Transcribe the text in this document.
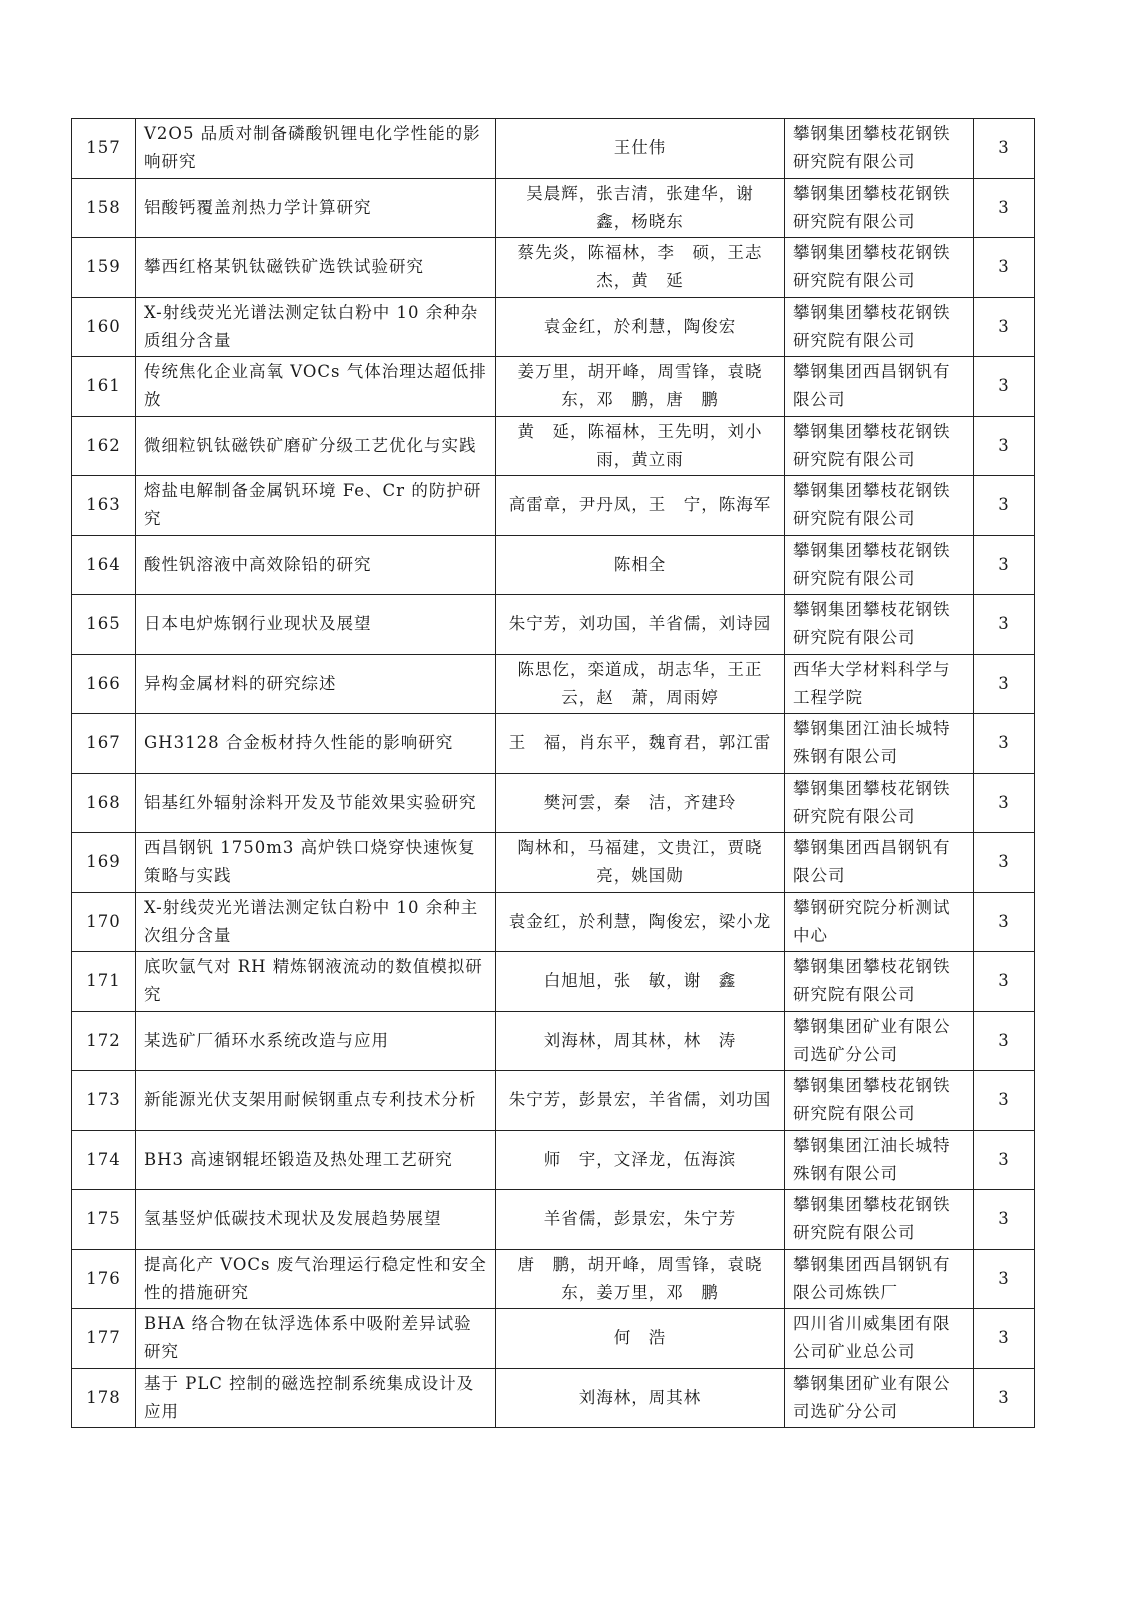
157	V2O5 品质对制备磷酸钒锂电化学性能的影响研究	王仕伟	攀钢集团攀枝花钢铁研究院有限公司	3
158	铝酸钙覆盖剂热力学计算研究	吴晨辉，张吉清，张建华，谢　鑫，杨晓东	攀钢集团攀枝花钢铁研究院有限公司	3
159	攀西红格某钒钛磁铁矿选铁试验研究	蔡先炎，陈福林，李　硕，王志杰，黄　延	攀钢集团攀枝花钢铁研究院有限公司	3
160	X-射线荧光光谱法测定钛白粉中 10 余种杂质组分含量	袁金红，於利慧，陶俊宏	攀钢集团攀枝花钢铁研究院有限公司	3
161	传统焦化企业高氧 VOCs 气体治理达超低排放	姜万里，胡开峰，周雪锋，袁晓东，邓　鹏，唐　鹏	攀钢集团西昌钢钒有限公司	3
162	微细粒钒钛磁铁矿磨矿分级工艺优化与实践	黄　延，陈福林，王先明，刘小雨，黄立雨	攀钢集团攀枝花钢铁研究院有限公司	3
163	熔盐电解制备金属钒环境 Fe、Cr 的防护研究	高雷章，尹丹凤，王　宁，陈海军	攀钢集团攀枝花钢铁研究院有限公司	3
164	酸性钒溶液中高效除铅的研究	陈相全	攀钢集团攀枝花钢铁研究院有限公司	3
165	日本电炉炼钢行业现状及展望	朱宁芳，刘功国，羊省儒，刘诗园	攀钢集团攀枝花钢铁研究院有限公司	3
166	异构金属材料的研究综述	陈思仡，栾道成，胡志华，王正云，赵　萧，周雨婷	西华大学材料科学与工程学院	3
167	GH3128 合金板材持久性能的影响研究	王　福，肖东平，魏育君，郭江雷	攀钢集团江油长城特殊钢有限公司	3
168	铝基红外辐射涂料开发及节能效果实验研究	樊河雲，秦　洁，齐建玲	攀钢集团攀枝花钢铁研究院有限公司	3
169	西昌钢钒 1750m3 高炉铁口烧穿快速恢复策略与实践	陶林和，马福建，文贵江，贾晓亮，姚国勋	攀钢集团西昌钢钒有限公司	3
170	X-射线荧光光谱法测定钛白粉中 10 余种主次组分含量	袁金红，於利慧，陶俊宏，梁小龙	攀钢研究院分析测试中心	3
171	底吹氩气对 RH 精炼钢液流动的数值模拟研究	白旭旭，张　敏，谢　鑫	攀钢集团攀枝花钢铁研究院有限公司	3
172	某选矿厂循环水系统改造与应用	刘海林，周其林，林　涛	攀钢集团矿业有限公司选矿分公司	3
173	新能源光伏支架用耐候钢重点专利技术分析	朱宁芳，彭景宏，羊省儒，刘功国	攀钢集团攀枝花钢铁研究院有限公司	3
174	BH3 高速钢辊坯锻造及热处理工艺研究	师　宇，文泽龙，伍海滨	攀钢集团江油长城特殊钢有限公司	3
175	氢基竖炉低碳技术现状及发展趋势展望	羊省儒，彭景宏，朱宁芳	攀钢集团攀枝花钢铁研究院有限公司	3
176	提高化产 VOCs 废气治理运行稳定性和安全性的措施研究	唐　鹏，胡开峰，周雪锋，袁晓东，姜万里，邓　鹏	攀钢集团西昌钢钒有限公司炼铁厂	3
177	BHA 络合物在钛浮选体系中吸附差异试验研究	何　浩	四川省川威集团有限公司矿业总公司	3
178	基于 PLC 控制的磁选控制系统集成设计及应用	刘海林，周其林	攀钢集团矿业有限公司选矿分公司	3
